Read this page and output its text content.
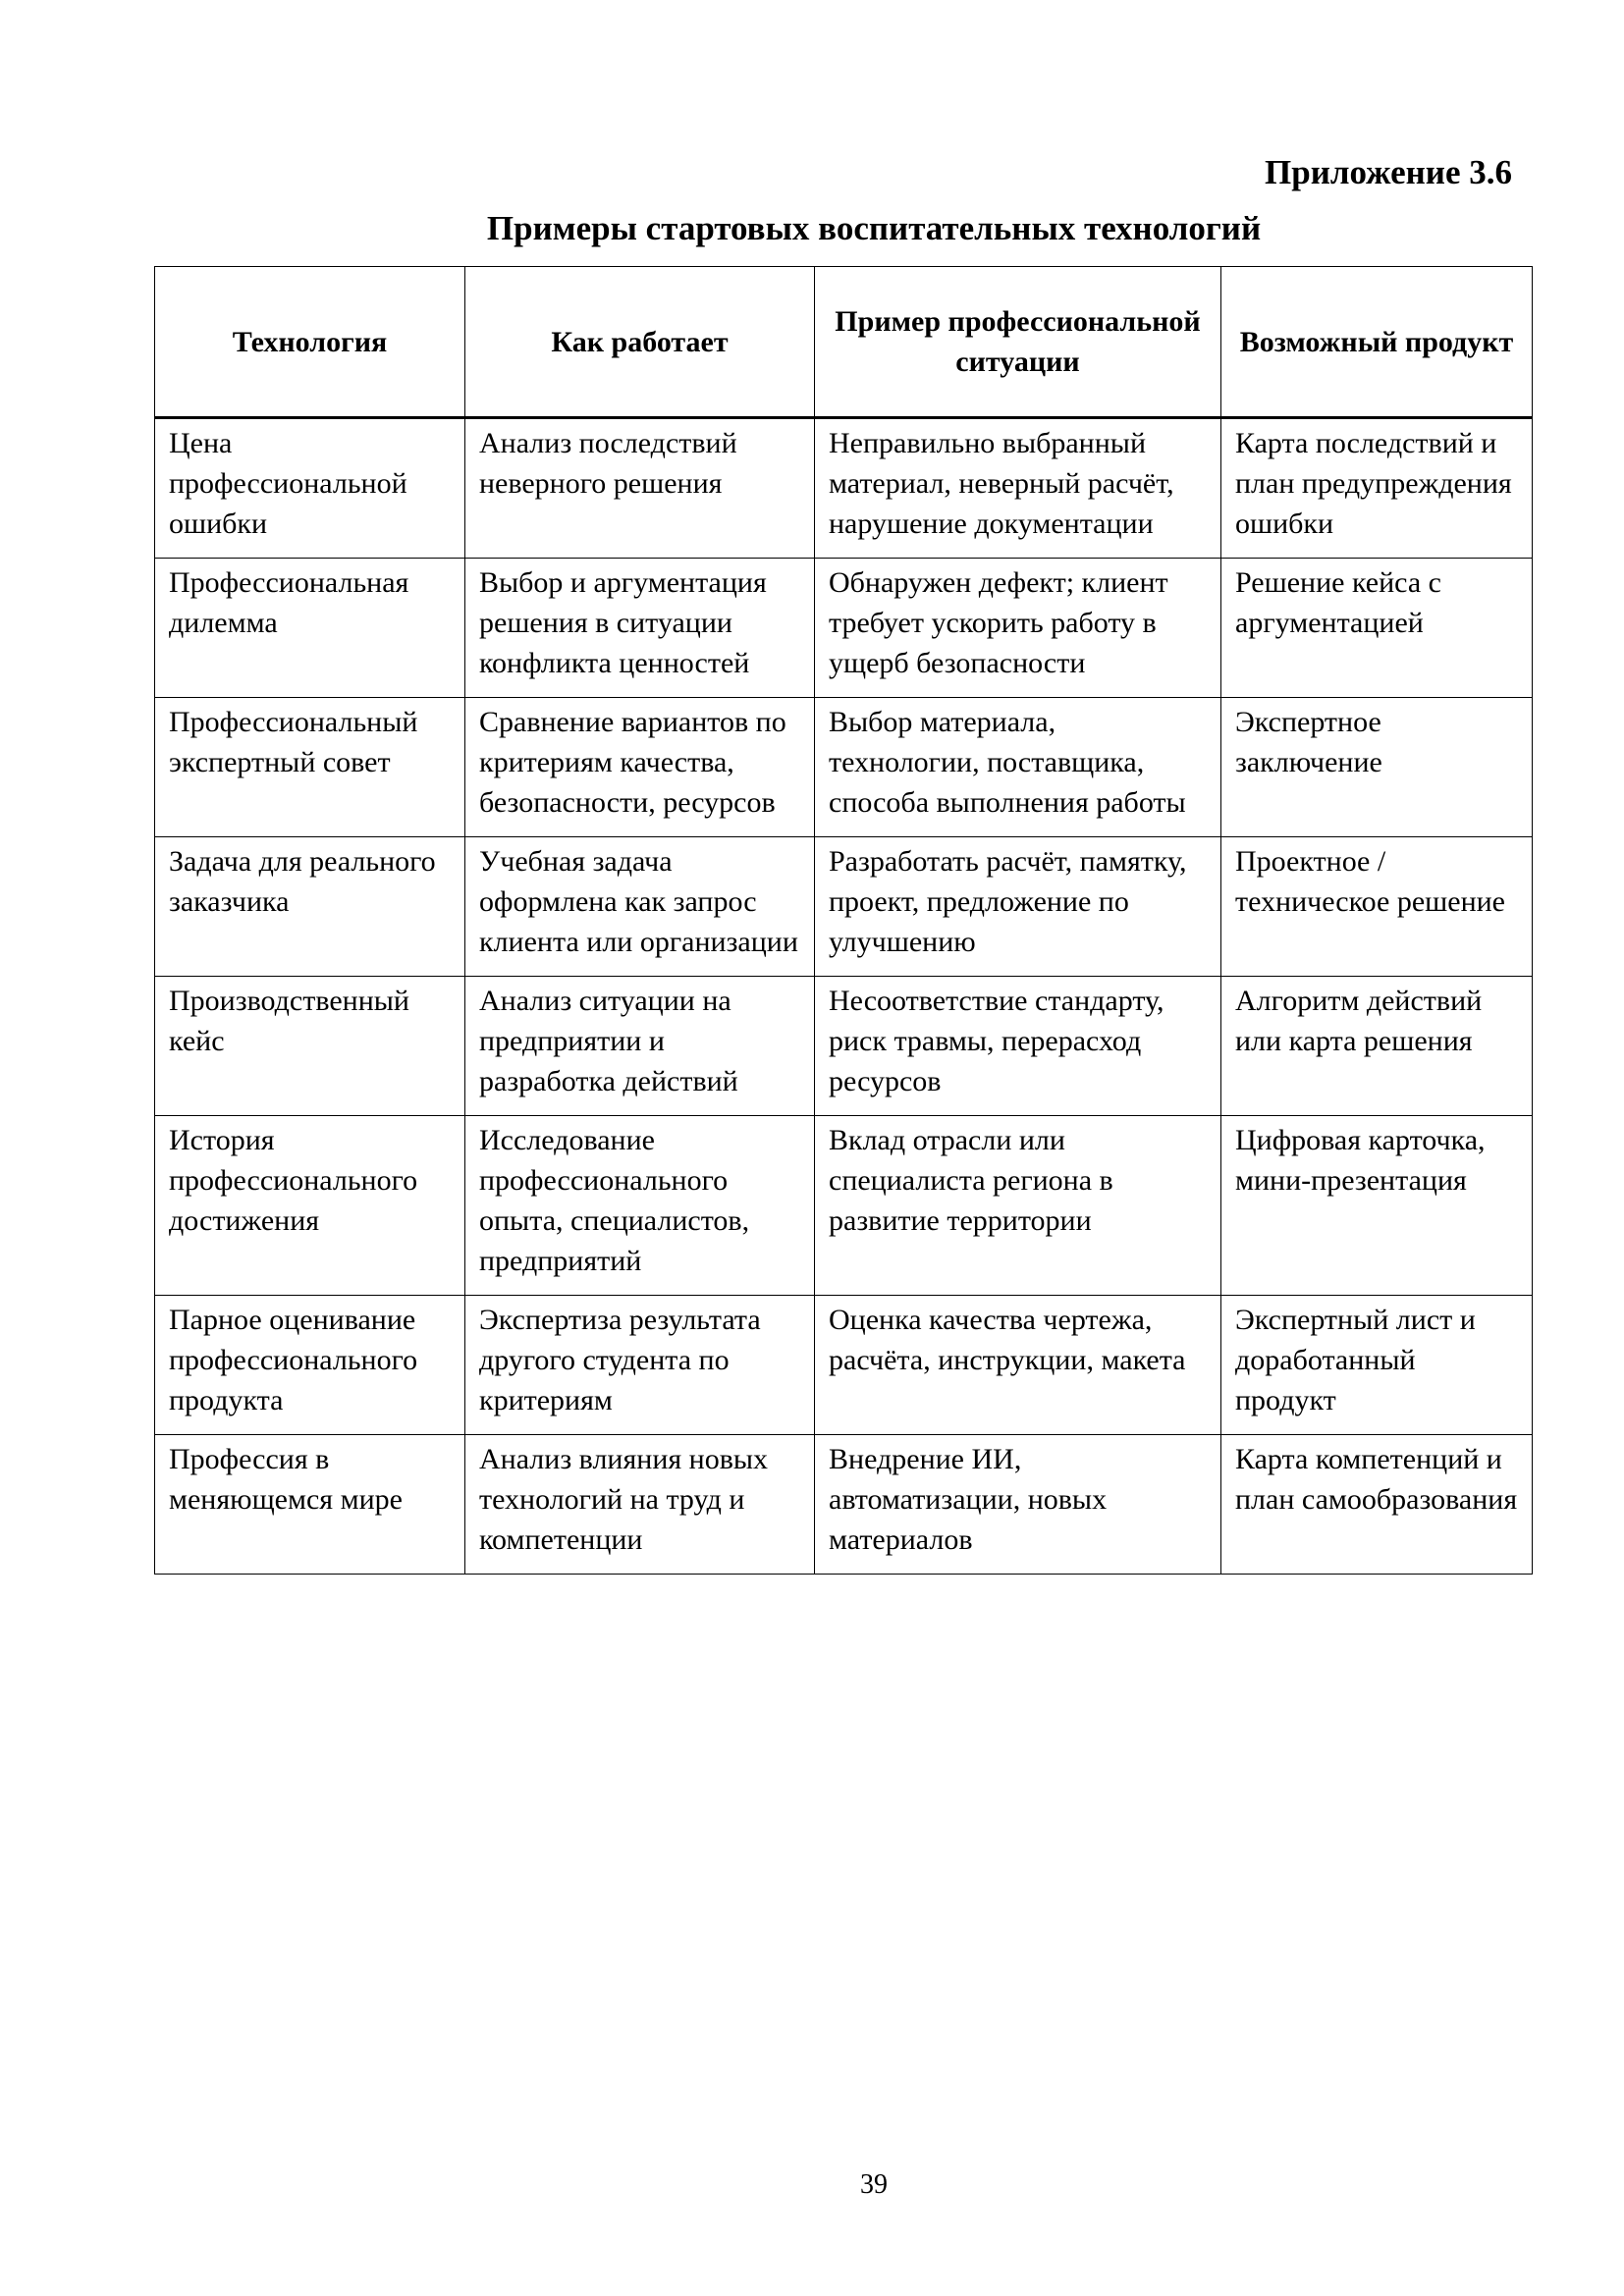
Приложение 3.6
Примеры стартовых воспитательных технологий
Технология	Как работает	Пример профессиональной ситуации	Возможный продукт
Цена профессиональной ошибки	Анализ последствий неверного решения	Неправильно выбранный материал, неверный расчёт, нарушение документации	Карта последствий и план предупреждения ошибки
Профессиональная дилемма	Выбор и аргументация решения в ситуации конфликта ценностей	Обнаружен дефект; клиент требует ускорить работу в ущерб безопасности	Решение кейса с аргументацией
Профессиональный экспертный совет	Сравнение вариантов по критериям качества, безопасности, ресурсов	Выбор материала, технологии, поставщика, способа выполнения работы	Экспертное заключение
Задача для реального заказчика	Учебная задача оформлена как запрос клиента или организации	Разработать расчёт, памятку, проект, предложение по улучшению	Проектное / техническое решение
Производственный кейс	Анализ ситуации на предприятии и разработка действий	Несоответствие стандарту, риск травмы, перерасход ресурсов	Алгоритм действий или карта решения
История профессионального достижения	Исследование профессионального опыта, специалистов, предприятий	Вклад отрасли или специалиста региона в развитие территории	Цифровая карточка, мини-презентация
Парное оценивание профессионального продукта	Экспертиза результата другого студента по критериям	Оценка качества чертежа, расчёта, инструкции, макета	Экспертный лист и доработанный продукт
Профессия в меняющемся мире	Анализ влияния новых технологий на труд и компетенции	Внедрение ИИ, автоматизации, новых материалов	Карта компетенций и план самообразования
39
